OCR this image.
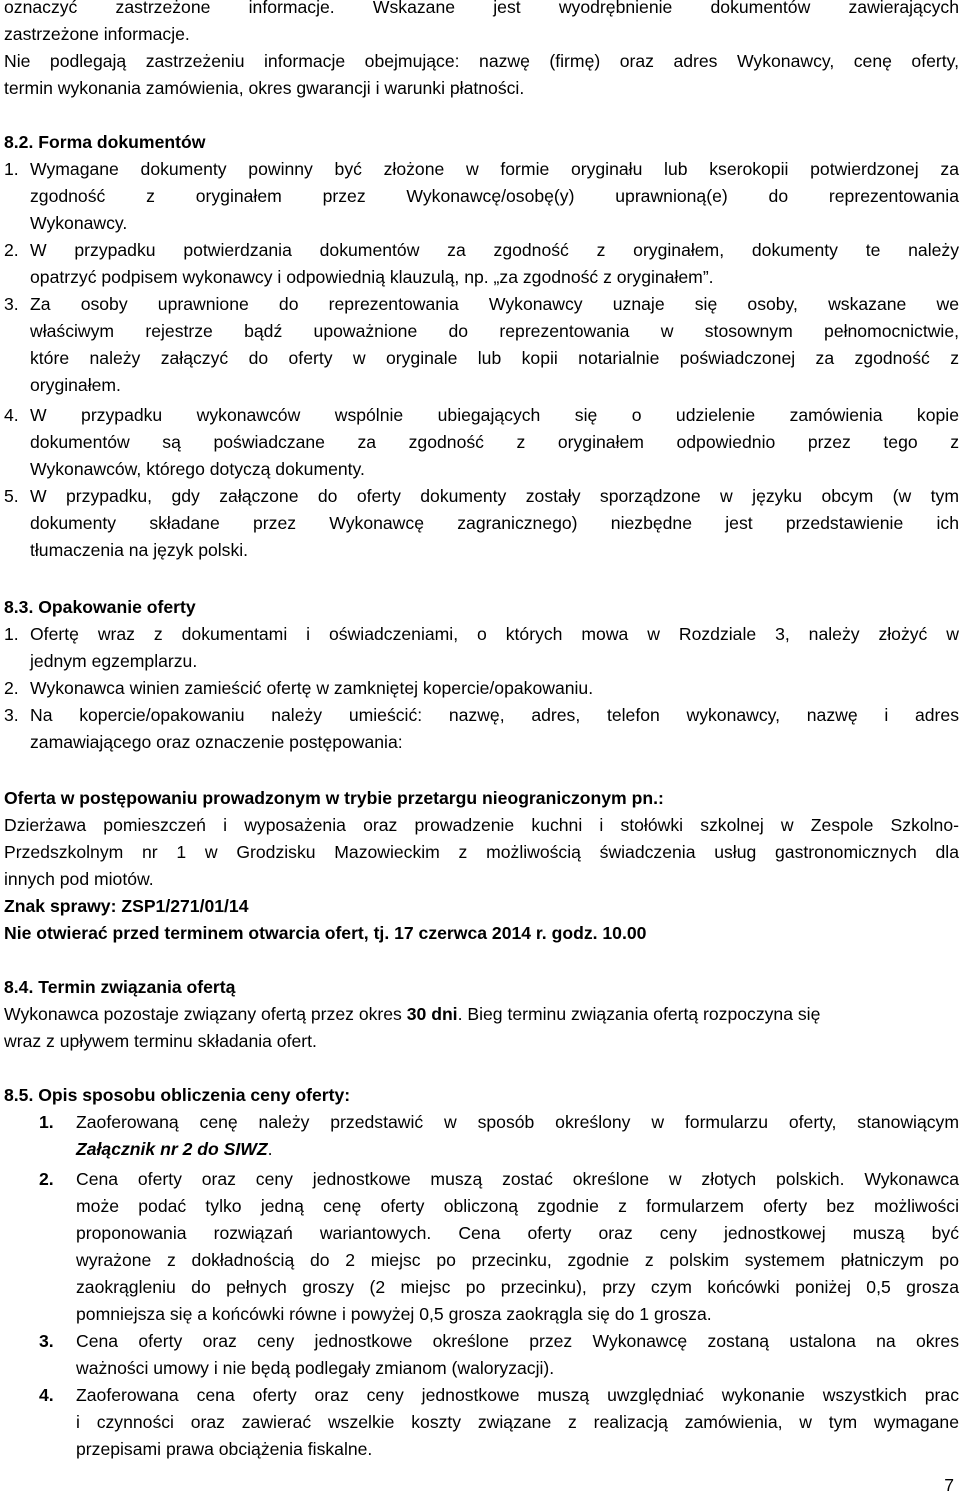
oznaczyć zastrzeżone informacje. Wskazane jest wyodrębnienie dokumentów zawierających
zastrzeżone informacje.
Nie podlegają zastrzeżeniu informacje obejmujące: nazwę (firmę) oraz adres Wykonawcy, cenę oferty,
termin wykonania zamówienia, okres gwarancji i warunki płatności.
8.2. Forma dokumentów
1. Wymagane dokumenty powinny być złożone w formie oryginału lub kserokopii potwierdzonej za
zgodność z oryginałem przez Wykonawcę/osobę(y) uprawnioną(e) do reprezentowania
Wykonawcy.
2. W przypadku potwierdzania dokumentów za zgodność z oryginałem, dokumenty te należy
opatrzyć podpisem wykonawcy i odpowiednią klauzulą, np. „za zgodność z oryginałem”.
3. Za osoby uprawnione do reprezentowania Wykonawcy uznaje się osoby, wskazane we
właściwym rejestrze bądź upoważnione do reprezentowania w stosownym pełnomocnictwie,
które należy załączyć do oferty w oryginale lub kopii notarialnie poświadczonej za zgodność z
oryginałem.
4. W przypadku wykonawców wspólnie ubiegających się o udzielenie zamówienia kopie
dokumentów są poświadczane za zgodność z oryginałem odpowiednio przez tego z
Wykonawców, którego dotyczą dokumenty.
5. W przypadku, gdy załączone do oferty dokumenty zostały sporządzone w języku obcym (w tym
dokumenty składane przez Wykonawcę zagranicznego) niezbędne jest przedstawienie ich
tłumaczenia na język polski.
8.3. Opakowanie oferty
1. Ofertę wraz z dokumentami i oświadczeniami, o których mowa w Rozdziale 3, należy złożyć w
jednym egzemplarzu.
2. Wykonawca winien zamieścić ofertę w zamkniętej kopercie/opakowaniu.
3. Na kopercie/opakowaniu należy umieścić: nazwę, adres, telefon wykonawcy, nazwę i adres
zamawiającego oraz oznaczenie postępowania:
Oferta w postępowaniu prowadzonym w trybie przetargu nieograniczonym pn.:
Dzierżawa pomieszczeń i wyposażenia oraz prowadzenie kuchni i stołówki szkolnej w Zespole Szkolno-
Przedszkolnym nr 1 w Grodzisku Mazowieckim z możliwością świadczenia usług gastronomicznych dla
innych pod miotów.
Znak sprawy: ZSP1/271/01/14
Nie otwierać przed terminem otwarcia ofert, tj. 17 czerwca 2014 r. godz. 10.00
8.4. Termin związania ofertą
Wykonawca pozostaje związany ofertą przez okres 30 dni. Bieg terminu związania ofertą rozpoczyna się
wraz z upływem terminu składania ofert.
8.5. Opis sposobu obliczenia ceny oferty:
1. Zaoferowaną cenę należy przedstawić w sposób określony w formularzu oferty, stanowiącym
Załącznik nr 2 do SIWZ.
2. Cena oferty oraz ceny jednostkowe muszą zostać określone w złotych polskich. Wykonawca
może podać tylko jedną cenę oferty obliczoną zgodnie z formularzem oferty bez możliwości
proponowania rozwiązań wariantowych. Cena oferty oraz ceny jednostkowej muszą być
wyrażone z dokładnością do 2 miejsc po przecinku, zgodnie z polskim systemem płatniczym po
zaokrągleniu do pełnych groszy (2 miejsc po przecinku), przy czym końcówki poniżej 0,5 grosza
pomniejsza się a końcówki równe i powyżej 0,5 grosza zaokrągla się do 1 grosza.
3. Cena oferty oraz ceny jednostkowe określone przez Wykonawcę zostaną ustalona na okres
ważności umowy i nie będą podlegały zmianom (waloryzacji).
4. Zaoferowana cena oferty oraz ceny jednostkowe muszą uwzględniać wykonanie wszystkich prac
i czynności oraz zawierać wszelkie koszty związane z realizacją zamówienia, w tym wymagane
przepisami prawa obciążenia fiskalne.
7
